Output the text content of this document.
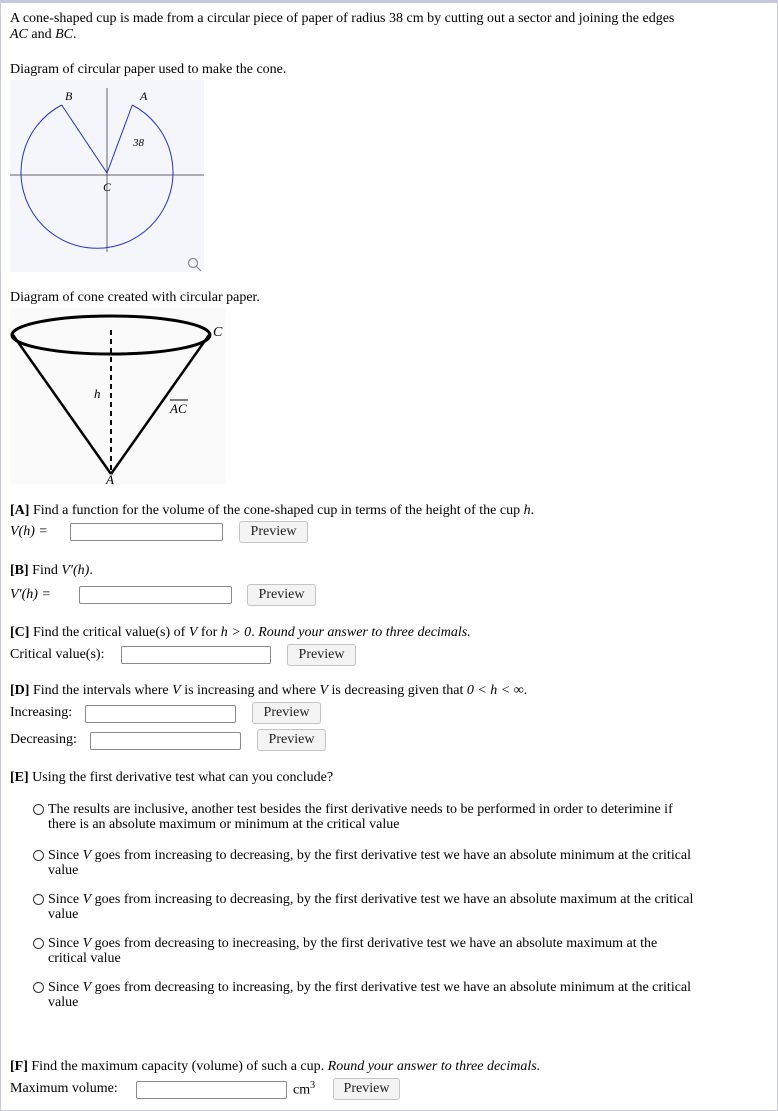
A cone-shaped cup is made from a circular piece of paper of radius 38 cm by cutting out a sector and joining the edges
AC and BC.
Diagram of circular paper used to make the cone.
B	A
C
38
Diagram of cone created with circular paper.
C
h
AC
A
[A] Find a function for the volume of the cone-shaped cup in terms of the height of the cup h.
V(h) =	Preview
[B] Find V′(h).
V′(h) =	Preview
[C] Find the critical value(s) of V for h > 0. Round your answer to three decimals.
Critical value(s):	Preview
[D] Find the intervals where V is increasing and where V is decreasing given that 0 < h < ∞.
Increasing:	Preview
Decreasing:	Preview
[E] Using the first derivative test what can you conclude?
The results are inclusive, another test besides the first derivative needs to be performed in order to deterimine if
there is an absolute maximum or minimum at the critical value
Since V goes from increasing to decreasing, by the first derivative test we have an absolute minimum at the critical
value
Since V goes from increasing to decreasing, by the first derivative test we have an absolute maximum at the critical
value
Since V goes from decreasing to inecreasing, by the first derivative test we have an absolute maximum at the
critical value
Since V goes from decreasing to increasing, by the first derivative test we have an absolute minimum at the critical
value
[F] Find the maximum capacity (volume) of such a cup. Round your answer to three decimals.
Maximum volume:	$cm^3$	Preview
